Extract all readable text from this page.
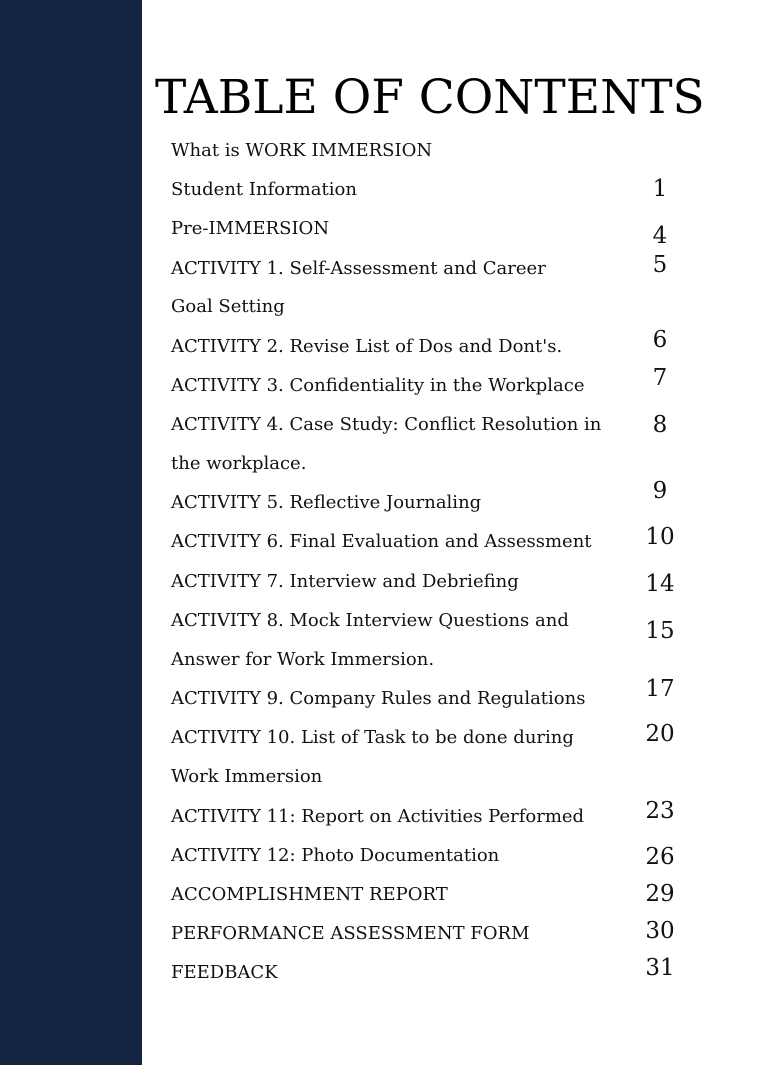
TABLE OF CONTENTS
What is WORK IMMERSION
Student Information	1
Pre-IMMERSION	4
ACTIVITY 1. Self-Assessment and Career
Goal Setting
5
ACTIVITY 2. Revise List of Dos and Dont's.	6
ACTIVITY 3. Confidentiality in the Workplace	7
ACTIVITY 4. Case Study: Conflict Resolution in
the workplace.
8
ACTIVITY 5. Reflective Journaling	9
ACTIVITY 6. Final Evaluation and Assessment	10
ACTIVITY 7. Interview and Debriefing	14
ACTIVITY 8. Mock Interview Questions and
Answer for Work Immersion.
15
ACTIVITY 9. Company Rules and Regulations	17
ACTIVITY 10. List of Task to be done during
Work Immersion
20
ACTIVITY 11: Report on Activities Performed	23
ACTIVITY 12: Photo Documentation	26
ACCOMPLISHMENT REPORT	29
PERFORMANCE ASSESSMENT FORM	30
FEEDBACK	31
